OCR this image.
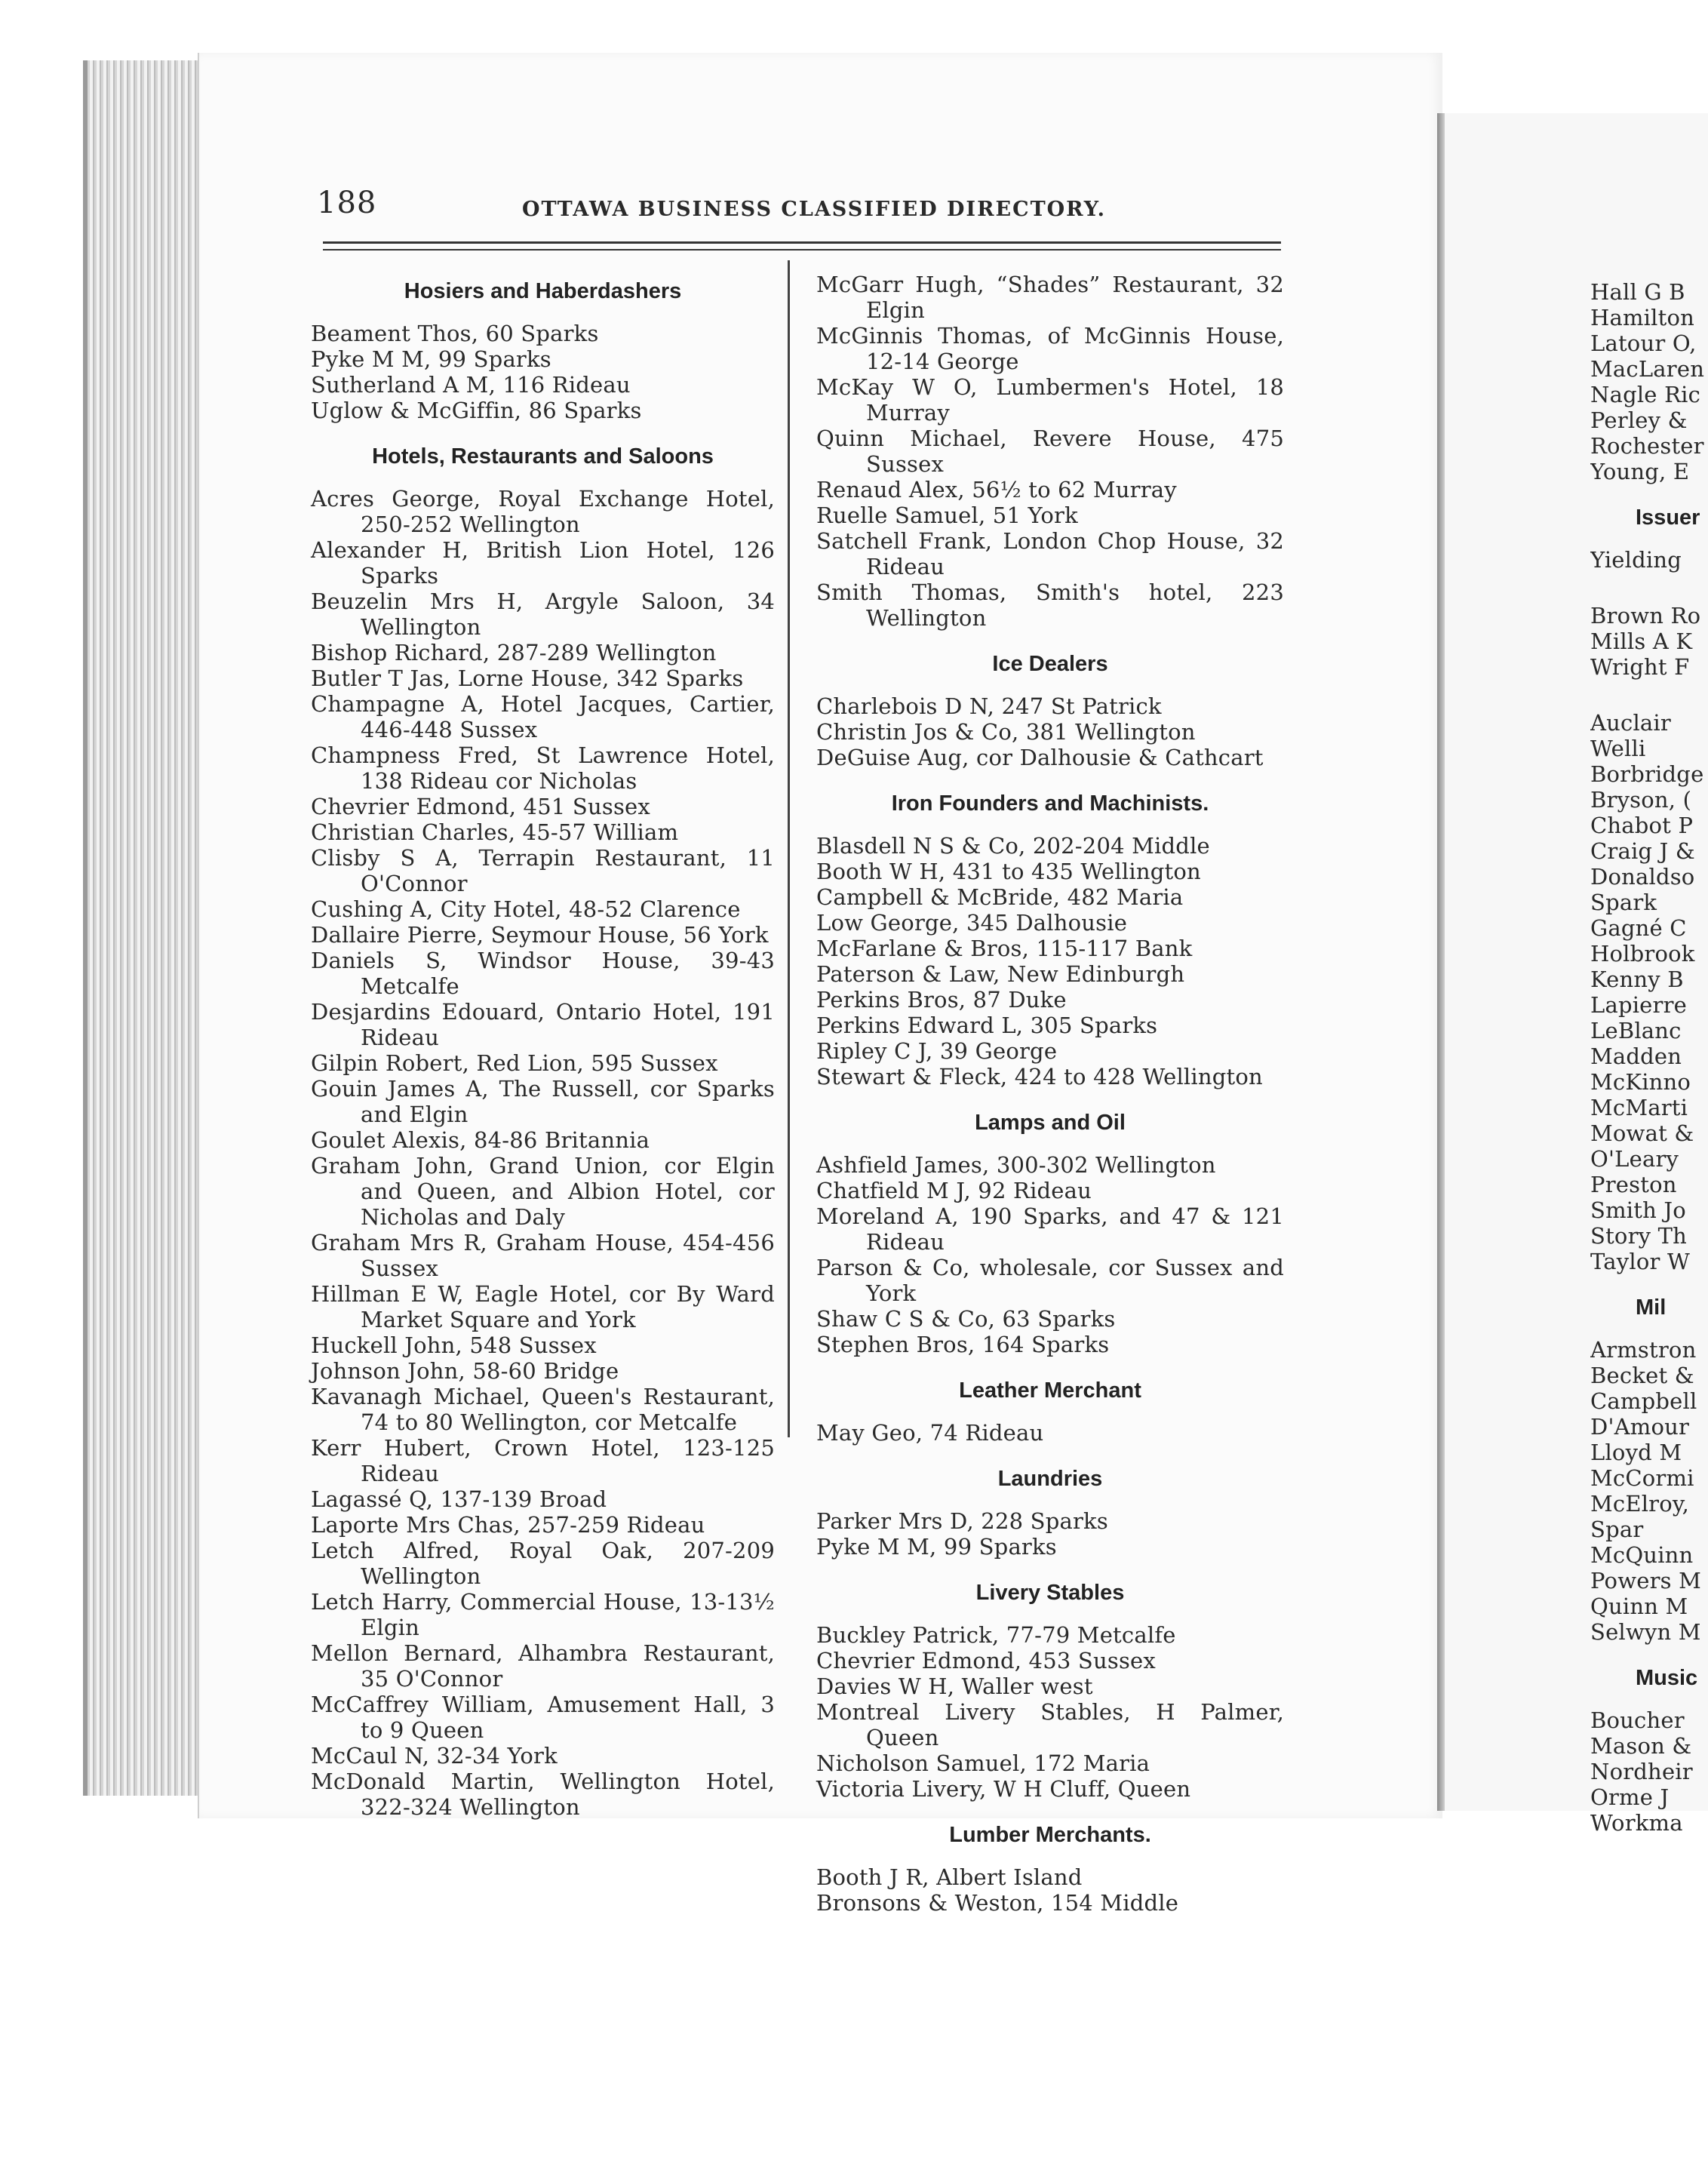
188	OTTAWA BUSINESS CLASSIFIED DIRECTORY.
Hosiers and Haberdashers
Beament Thos, 60 Sparks
Pyke M M, 99 Sparks
Sutherland A M, 116 Rideau
Uglow & McGiffin, 86 Sparks
Hotels, Restaurants and Saloons
Acres George, Royal Exchange Hotel, 250-252 Wellington
Alexander H, British Lion Hotel, 126 Sparks
Beuzelin Mrs H, Argyle Saloon, 34 Wellington
Bishop Richard, 287-289 Wellington
Butler T Jas, Lorne House, 342 Sparks
Champagne A, Hotel Jacques, Cartier, 446-448 Sussex
Champness Fred, St Lawrence Hotel, 138 Rideau cor Nicholas
Chevrier Edmond, 451 Sussex
Christian Charles, 45-57 William
Clisby S A, Terrapin Restaurant, 11 O'Connor
Cushing A, City Hotel, 48-52 Clarence
Dallaire Pierre, Seymour House, 56 York
Daniels S, Windsor House, 39-43 Metcalfe
Desjardins Edouard, Ontario Hotel, 191 Rideau
Gilpin Robert, Red Lion, 595 Sussex
Gouin James A, The Russell, cor Sparks and Elgin
Goulet Alexis, 84-86 Britannia
Graham John, Grand Union, cor Elgin and Queen, and Albion Hotel, cor Nicholas and Daly
Graham Mrs R, Graham House, 454-456 Sussex
Hillman E W, Eagle Hotel, cor By Ward Market Square and York
Huckell John, 548 Sussex
Johnson John, 58-60 Bridge
Kavanagh Michael, Queen's Restaurant, 74 to 80 Wellington, cor Metcalfe
Kerr Hubert, Crown Hotel, 123-125 Rideau
Lagassé Q, 137-139 Broad
Laporte Mrs Chas, 257-259 Rideau
Letch Alfred, Royal Oak, 207-209 Wellington
Letch Harry, Commercial House, 13-13½ Elgin
Mellon Bernard, Alhambra Restaurant, 35 O'Connor
McCaffrey William, Amusement Hall, 3 to 9 Queen
McCaul N, 32-34 York
McDonald Martin, Wellington Hotel, 322-324 Wellington
McGarr Hugh, “Shades” Restaurant, 32 Elgin
McGinnis Thomas, of McGinnis House, 12-14 George
McKay W O, Lumbermen's Hotel, 18 Murray
Quinn Michael, Revere House, 475 Sussex
Renaud Alex, 56½ to 62 Murray
Ruelle Samuel, 51 York
Satchell Frank, London Chop House, 32 Rideau
Smith Thomas, Smith's hotel, 223 Wellington
Ice Dealers
Charlebois D N, 247 St Patrick
Christin Jos & Co, 381 Wellington
DeGuise Aug, cor Dalhousie & Cathcart
Iron Founders and Machinists.
Blasdell N S & Co, 202-204 Middle
Booth W H, 431 to 435 Wellington
Campbell & McBride, 482 Maria
Low George, 345 Dalhousie
McFarlane & Bros, 115-117 Bank
Paterson & Law, New Edinburgh
Perkins Bros, 87 Duke
Perkins Edward L, 305 Sparks
Ripley C J, 39 George
Stewart & Fleck, 424 to 428 Wellington
Lamps and Oil
Ashfield James, 300-302 Wellington
Chatfield M J, 92 Rideau
Moreland A, 190 Sparks, and 47 & 121 Rideau
Parson & Co, wholesale, cor Sussex and York
Shaw C S & Co, 63 Sparks
Stephen Bros, 164 Sparks
Leather Merchant
May Geo, 74 Rideau
Laundries
Parker Mrs D, 228 Sparks
Pyke M M, 99 Sparks
Livery Stables
Buckley Patrick, 77-79 Metcalfe
Chevrier Edmond, 453 Sussex
Davies W H, Waller west
Montreal Livery Stables, H Palmer, Queen
Nicholson Samuel, 172 Maria
Victoria Livery, W H Cluff, Queen
Lumber Merchants.
Booth J R, Albert Island
Bronsons & Weston, 154 Middle
Hall G B
Hamilton
Latour O,
MacLaren
Nagle Ric
Perley &
Rochester
Young, E
Issuer
Yielding
Brown Ro
Mills A K
Wright F
Auclair
Welli
Borbridge
Bryson, (
Chabot P
Craig J &
Donaldso
Spark
Gagné C
Holbrook
Kenny B
Lapierre
LeBlanc
Madden
McKinno
McMarti
Mowat &
O'Leary
Preston
Smith Jo
Story Th
Taylor W
Mil
Armstron
Becket &
Campbell
D'Amour
Lloyd M
McCormi
McElroy,
Spar
McQuinn
Powers M
Quinn M
Selwyn M
Music
Boucher
Mason &
Nordheir
Orme J
Workma
